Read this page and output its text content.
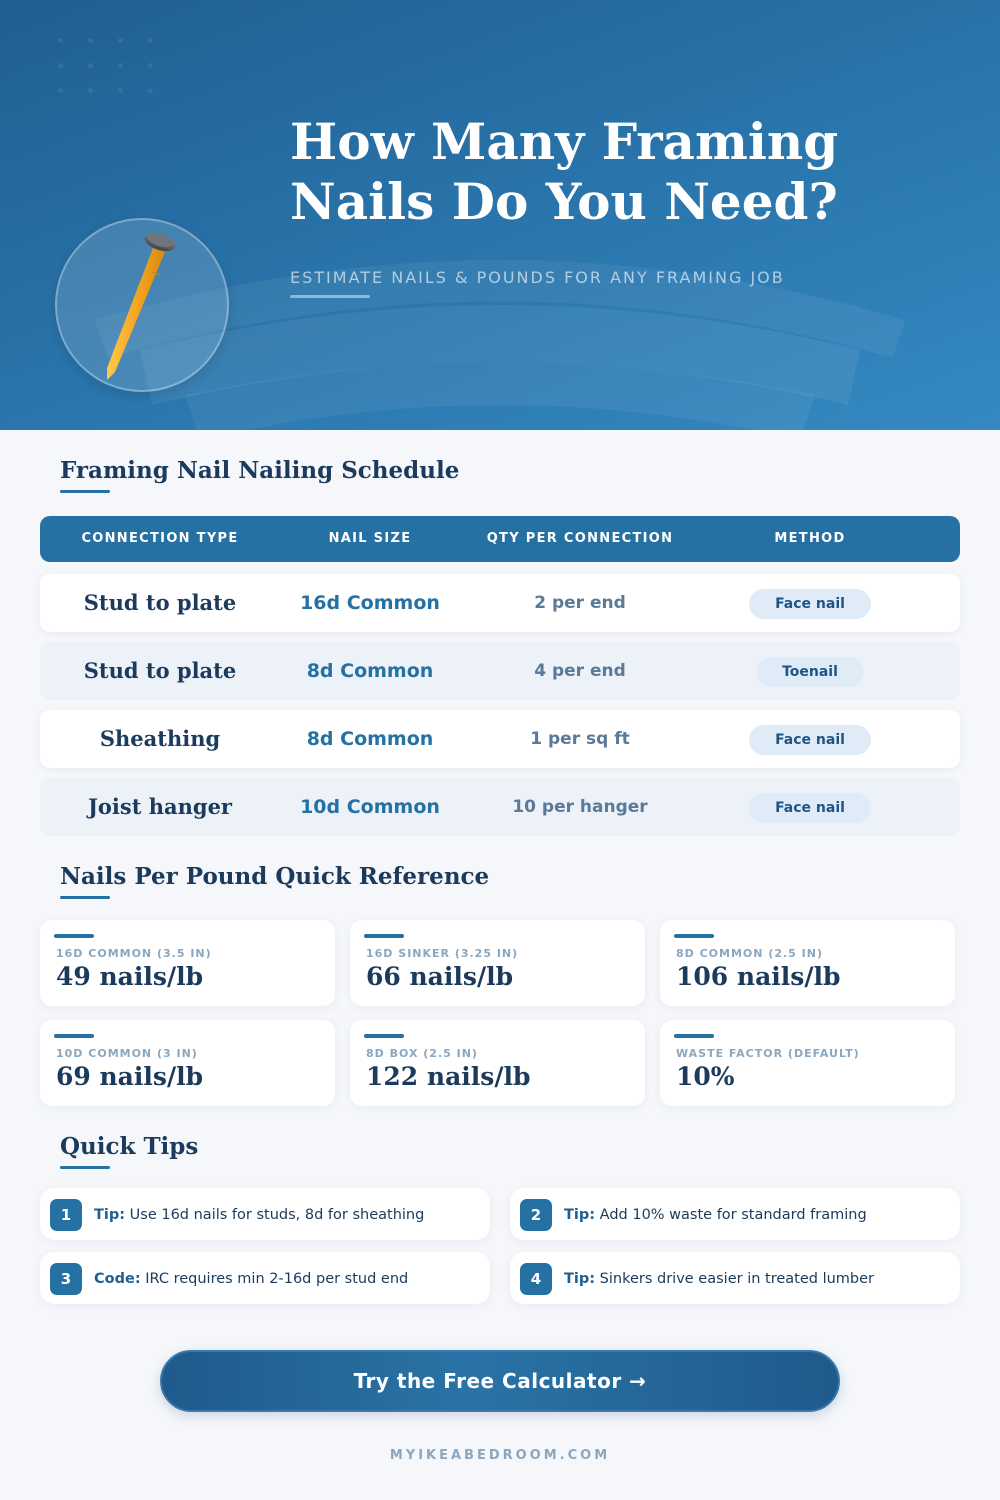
How Many Framing
Nails Do You Need?
ESTIMATE NAILS & POUNDS FOR ANY FRAMING JOB
Framing Nail Nailing Schedule
CONNECTION TYPE	NAIL SIZE	QTY PER CONNECTION	METHOD
Stud to plate	16d Common	2 per end	Face nail
Stud to plate	8d Common	4 per end	Toenail
Sheathing	8d Common	1 per sq ft	Face nail
Joist hanger	10d Common	10 per hanger	Face nail
Nails Per Pound Quick Reference
16D COMMON (3.5 IN)
49 nails/lb
16D SINKER (3.25 IN)
66 nails/lb
8D COMMON (2.5 IN)
106 nails/lb
10D COMMON (3 IN)
69 nails/lb
8D BOX (2.5 IN)
122 nails/lb
WASTE FACTOR (DEFAULT)
10%
Quick Tips
1	Tip: Use 16d nails for studs, 8d for sheathing	2	Tip: Add 10% waste for standard framing
3	Code: IRC requires min 2-16d per stud end	4	Tip: Sinkers drive easier in treated lumber
Try the Free Calculator →
MYIKEABEDROOM.COM
